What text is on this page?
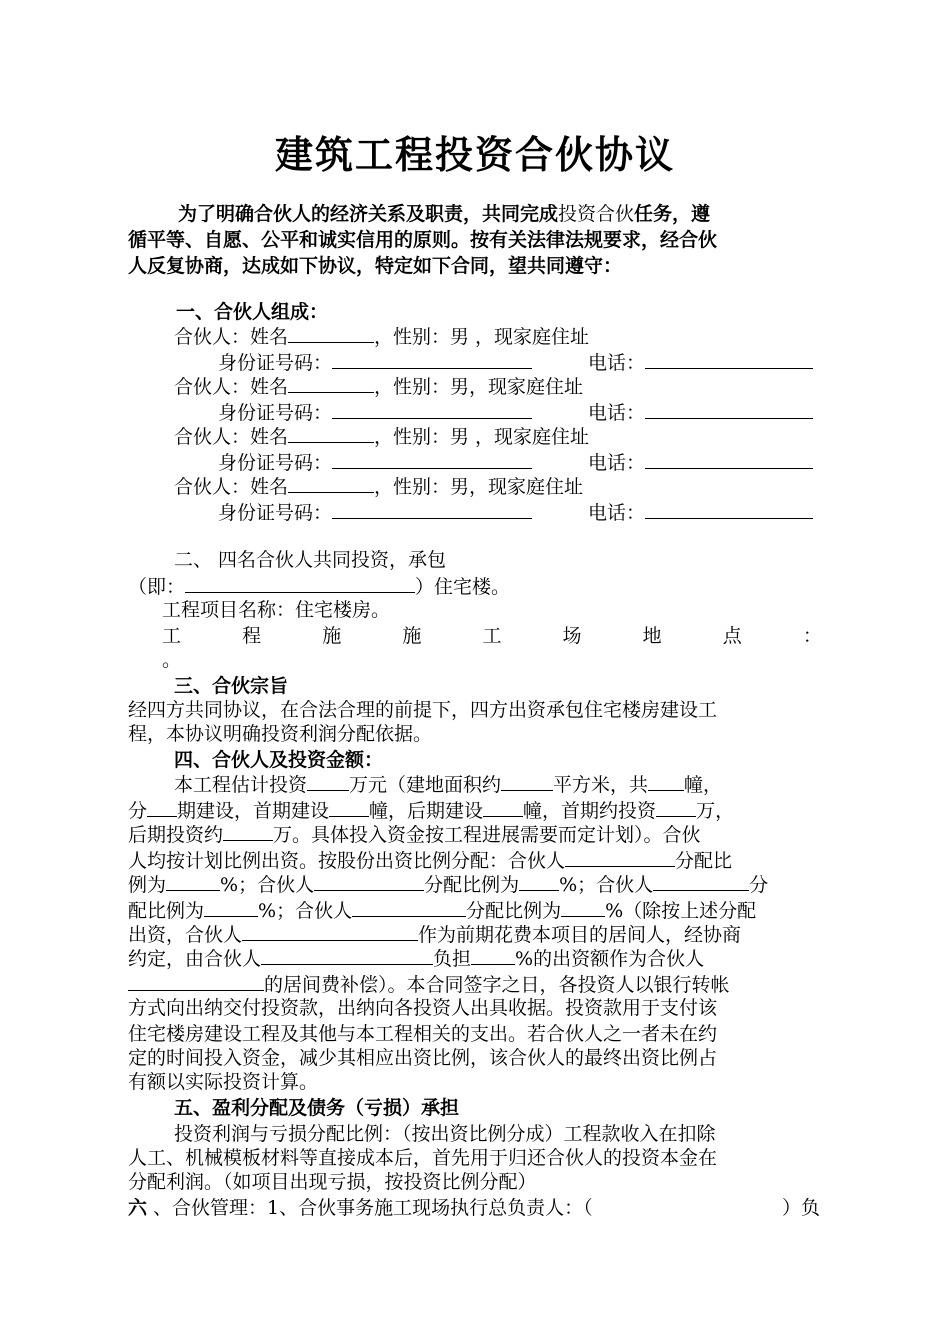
建筑工程投资合伙协议
为了明确合伙人的经济关系及职责，共同完成投资合伙任务，遵
循平等、自愿、公平和诚实信用的原则。按有关法律法规要求，经合伙
人反复协商，达成如下协议，特定如下合同，望共同遵守：
一、合伙人组成：
合伙人：姓名	，性别：男 ，现家庭住址
身份证号码：	电话：
合伙人：姓名	，性别：男，现家庭住址
身份证号码：	电话：
合伙人：姓名	，性别：男 ，现家庭住址
身份证号码：	电话：
合伙人：姓名	，性别：男，现家庭住址
身份证号码：	电话：
二、 四名合伙人共同投资，承包
（即：	）住宅楼。
工程项目名称：住宅楼房。
工	程	施	施	工	场	地	点	：
。
三、合伙宗旨
经四方共同协议，在合法合理的前提下，四方出资承包住宅楼房建设工
程，本协议明确投资利润分配依据。
四、合伙人及投资金额：
本工程估计投资 万元（建地面积约	平方米，共 幢，
分 期建设，首期建设 幢，后期建设 幢，首期约投资 万，
后期投资约	万。具体投入资金按工程进展需要而定计划）。合伙
人均按计划比例出资。按股份出资比例分配：合伙人	分配比
例为	%；合伙人	分配比例为 %；合伙人	分
配比例为	%；合伙人	分配比例为 %（除按上述分配
出资，合伙人	作为前期花费本项目的居间人，经协商
约定，由合伙人	负担 %的出资额作为合伙人
的居间费补偿）。本合同签字之日，各投资人以银行转帐
方式向出纳交付投资款，出纳向各投资人出具收据。投资款用于支付该
住宅楼房建设工程及其他与本工程相关的支出。若合伙人之一者未在约
定的时间投入资金，减少其相应出资比例，该合伙人的最终出资比例占
有额以实际投资计算。
五、盈利分配及债务（亏损）承担
投资利润与亏损分配比例：（按出资比例分成）工程款收入在扣除
人工、机械模板材料等直接成本后，首先用于归还合伙人的投资本金在
分配利润。（如项目出现亏损，按投资比例分配）
六 、合伙管理：1、合伙事务施工现场执行总负责人：（	）负
